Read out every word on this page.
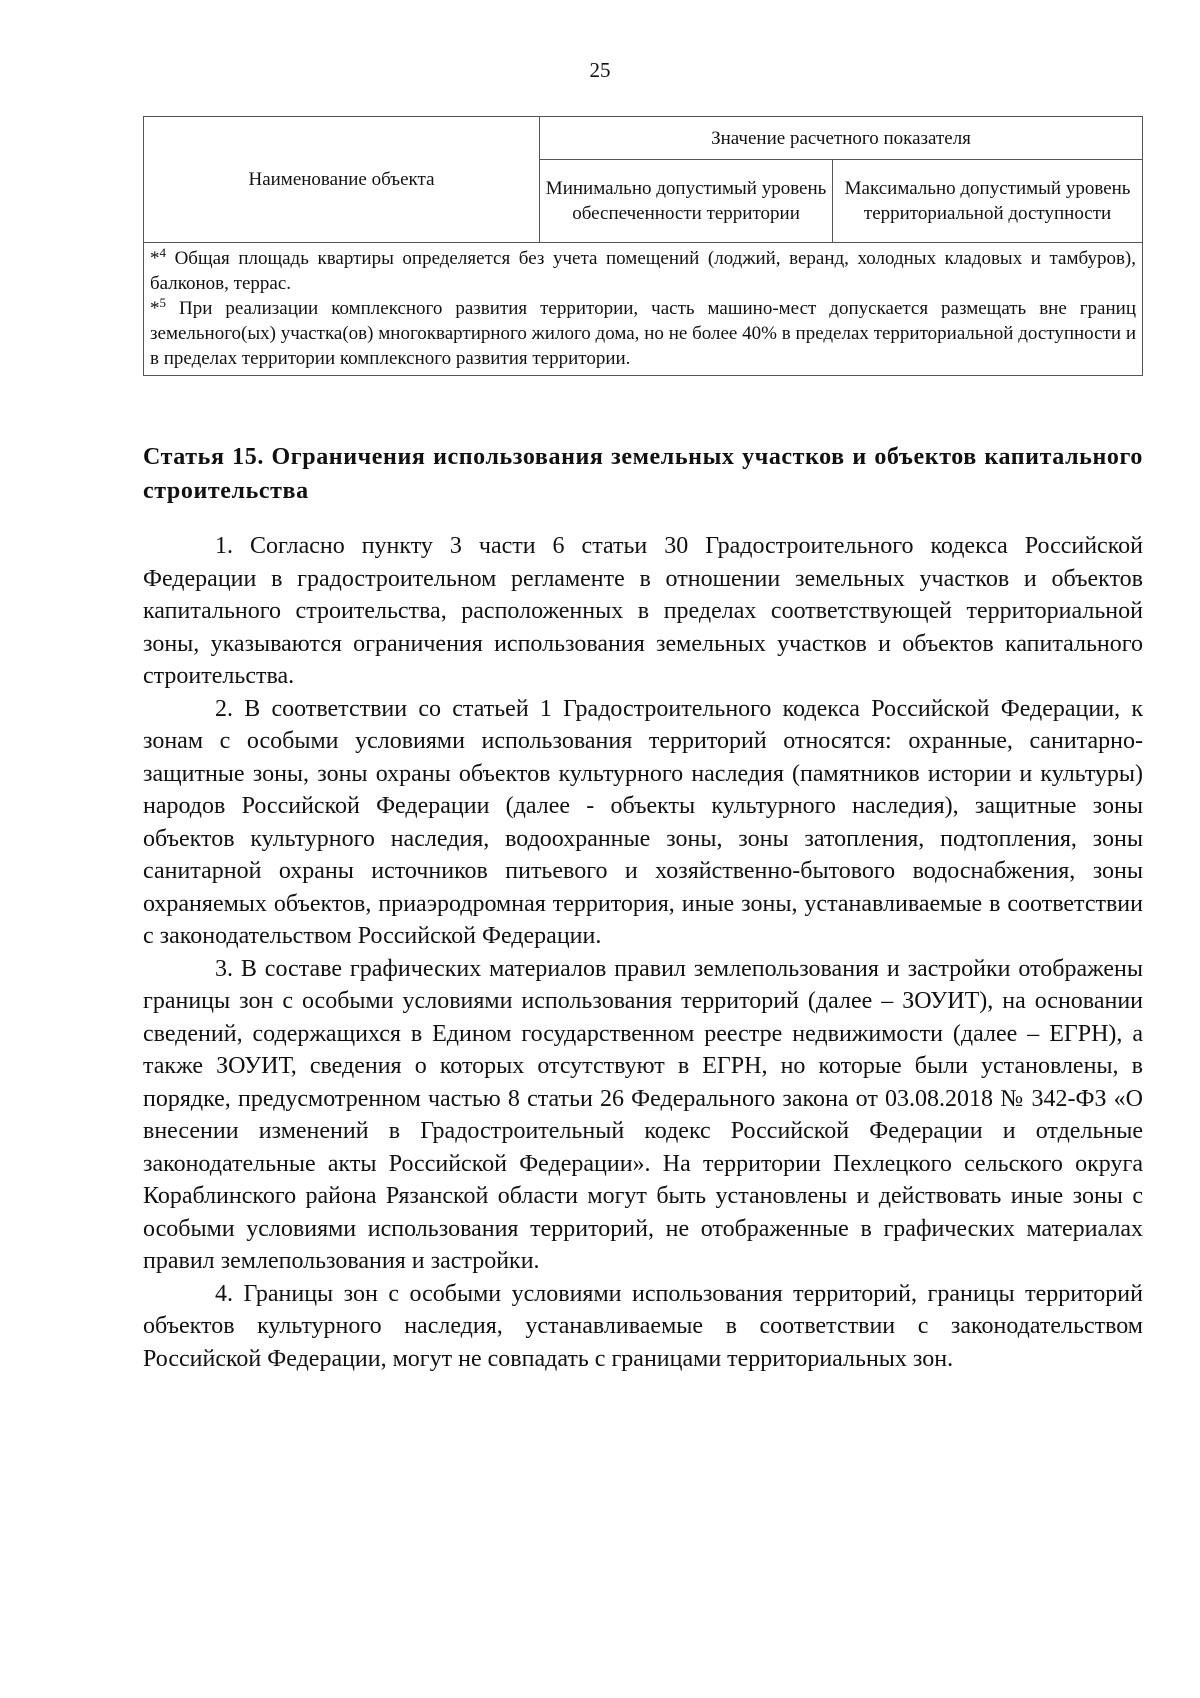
25
Наименование объекта	Значение расчетного показателя	
	Минимально допустимый уровень обеспеченности территории	Максимально допустимый уровень территориальной доступности

*$^4$ Общая площадь квартиры определяется без учета помещений (лоджий, веранд, холодных кладовых и тамбуров), балконов, террас.

*$^5$ При реализации комплексного развития территории, часть машино-мест допускается размещать вне границ земельного(ых) участка(ов) многоквартирного жилого дома, но не более 40% в пределах территориальной доступности и в пределах территории комплексного развития территории.		

Статья 15. Ограничения использования земельных участков и объектов капитального строительства

1. Согласно пункту 3 части 6 статьи 30 Градостроительного кодекса Российской Федерации в градостроительном регламенте в отношении земельных участков и объектов капитального строительства, расположенных в пределах соответствующей территориальной зоны, указываются ограничения использования земельных участков и объектов капитального строительства.

2. В соответствии со статьей 1 Градостроительного кодекса Российской Федерации, к зонам с особыми условиями использования территорий относятся: охранные, санитарно-защитные зоны, зоны охраны объектов культурного наследия (памятников истории и культуры) народов Российской Федерации (далее - объекты культурного наследия), защитные зоны объектов культурного наследия, водоохранные зоны, зоны затопления, подтопления, зоны санитарной охраны источников питьевого и хозяйственно-бытового водоснабжения, зоны охраняемых объектов, приаэродромная территория, иные зоны, устанавливаемые в соответствии с законодательством Российской Федерации.

3. В составе графических материалов правил землепользования и застройки отображены границы зон с особыми условиями использования территорий (далее – ЗОУИТ), на основании сведений, содержащихся в Едином государственном реестре недвижимости (далее – ЕГРН), а также ЗОУИТ, сведения о которых отсутствуют в ЕГРН, но которые были установлены, в порядке, предусмотренном частью 8 статьи 26 Федерального закона от 03.08.2018 № 342-ФЗ «О внесении изменений в Градостроительный кодекс Российской Федерации и отдельные законодательные акты Российской Федерации». На территории Пехлецкого сельского округа Кораблинского района Рязанской области могут быть установлены и действовать иные зоны с особыми условиями использования территорий, не отображенные в графических материалах правил землепользования и застройки.

4. Границы зон с особыми условиями использования территорий, границы территорий объектов культурного наследия, устанавливаемые в соответствии с законодательством Российской Федерации, могут не совпадать с границами территориальных зон.
